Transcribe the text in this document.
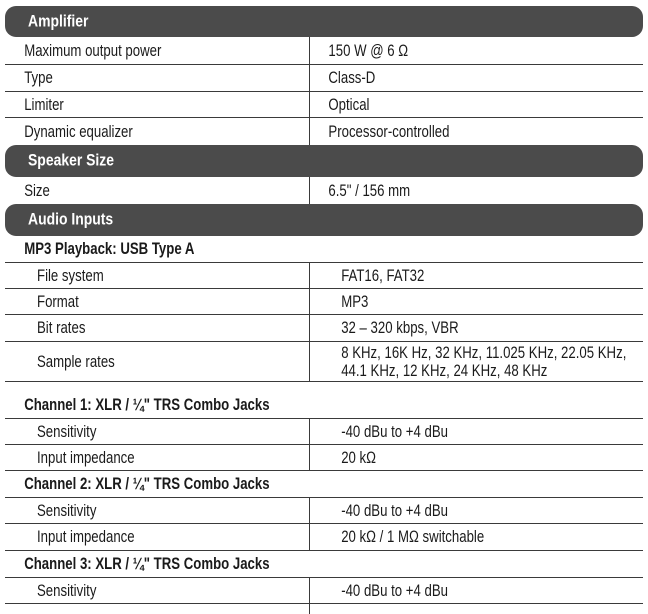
Amplifier
Maximum output power	150 W @ 6 Ω
Type	Class-D
Limiter	Optical
Dynamic equalizer	Processor-controlled
Speaker Size
Size	6.5" / 156 mm
Audio Inputs
MP3 Playback: USB Type A
File system	FAT16, FAT32
Format	MP3
Bit rates	32 – 320 kbps, VBR
Sample rates	8 KHz, 16K Hz, 32 KHz, 11.025 KHz, 22.05 KHz,
44.1 KHz, 12 KHz, 24 KHz, 48 KHz
Channel 1: XLR / ¼" TRS Combo Jacks
Sensitivity	-40 dBu to +4 dBu
Input impedance	20 kΩ
Channel 2: XLR / ¼" TRS Combo Jacks
Sensitivity	-40 dBu to +4 dBu
Input impedance	20 kΩ / 1 MΩ switchable
Channel 3: XLR / ¼" TRS Combo Jacks
Sensitivity	-40 dBu to +4 dBu
